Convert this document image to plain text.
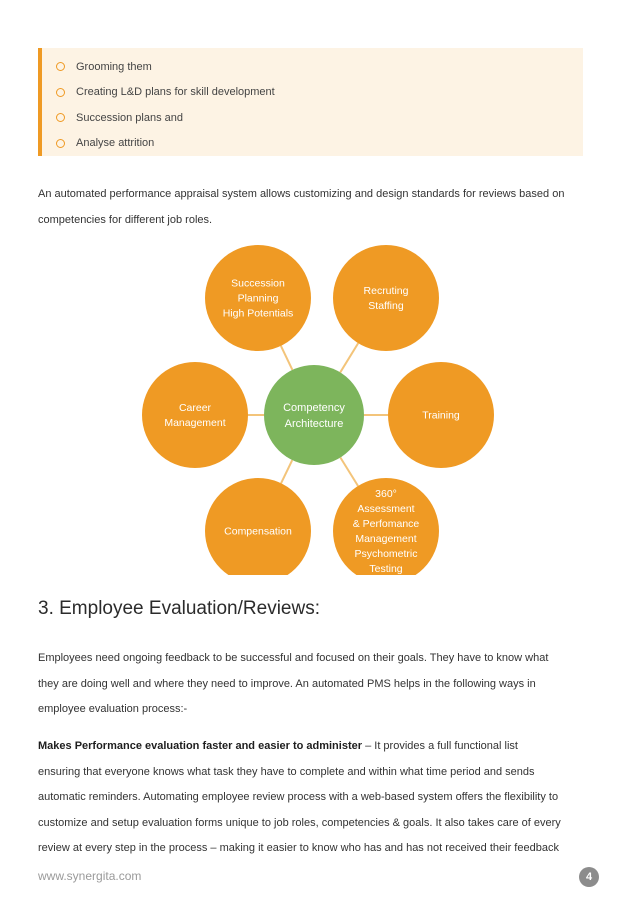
Grooming them
Creating L&D plans for skill development
Succession plans and
Analyse attrition
An automated performance appraisal system allows customizing and design standards for reviews based on
competencies for different job roles.
Succession
Planning
High Potentials
Recruting
Staffing
Training
360°
Assessment
& Perfomance
Management
Psychometric
Testing
Compensation
Career
Management
Competency
Architecture
3. Employee Evaluation/Reviews:
Employees need ongoing feedback to be successful and focused on their goals. They have to know what
they are doing well and where they need to improve. An automated PMS helps in the following ways in
employee evaluation process:-
Makes Performance evaluation faster and easier to administer – It provides a full functional list
ensuring that everyone knows what task they have to complete and within what time period and sends
automatic reminders. Automating employee review process with a web-based system offers the flexibility to
customize and setup evaluation forms unique to job roles, competencies & goals. It also takes care of every
review at every step in the process – making it easier to know who has and has not received their feedback
www.synergita.com	4
